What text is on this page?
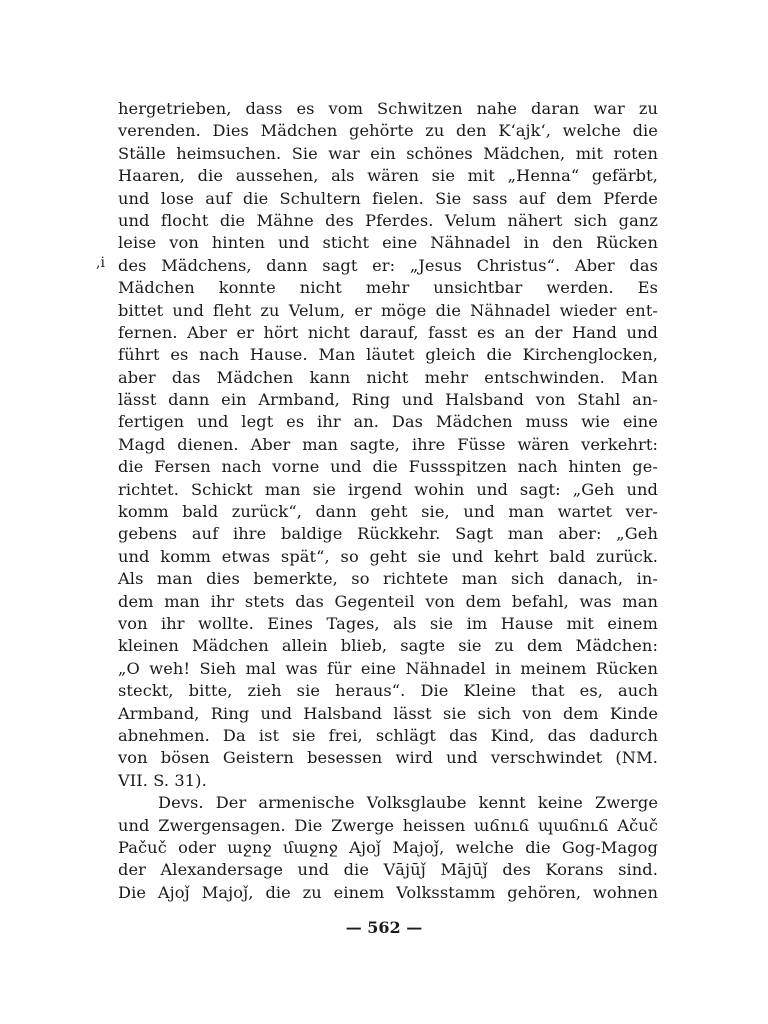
,i
hergetrieben, dass es vom Schwitzen nahe daran war zu
verenden. Dies Mädchen gehörte zu den K‘ajk‘, welche die
Ställe heimsuchen. Sie war ein schönes Mädchen, mit roten
Haaren, die aussehen, als wären sie mit „Henna“ gefärbt,
und lose auf die Schultern fielen. Sie sass auf dem Pferde
und flocht die Mähne des Pferdes. Velum nähert sich ganz
leise von hinten und sticht eine Nähnadel in den Rücken
des Mädchens, dann sagt er: „Jesus Christus“. Aber das
Mädchen konnte nicht mehr unsichtbar werden. Es
bittet und fleht zu Velum, er möge die Nähnadel wieder ent-
fernen. Aber er hört nicht darauf, fasst es an der Hand und
führt es nach Hause. Man läutet gleich die Kirchenglocken,
aber das Mädchen kann nicht mehr entschwinden. Man
lässt dann ein Armband, Ring und Halsband von Stahl an-
fertigen und legt es ihr an. Das Mädchen muss wie eine
Magd dienen. Aber man sagte, ihre Füsse wären verkehrt:
die Fersen nach vorne und die Fussspitzen nach hinten ge-
richtet. Schickt man sie irgend wohin und sagt: „Geh und
komm bald zurück“, dann geht sie, und man wartet ver-
gebens auf ihre baldige Rückkehr. Sagt man aber: „Geh
und komm etwas spät“, so geht sie und kehrt bald zurück.
Als man dies bemerkte, so richtete man sich danach, in-
dem man ihr stets das Gegenteil von dem befahl, was man
von ihr wollte. Eines Tages, als sie im Hause mit einem
kleinen Mädchen allein blieb, sagte sie zu dem Mädchen:
„O weh! Sieh mal was für eine Nähnadel in meinem Rücken
steckt, bitte, zieh sie heraus“. Die Kleine that es, auch
Armband, Ring und Halsband lässt sie sich von dem Kinde
abnehmen. Da ist sie frei, schlägt das Kind, das dadurch
von bösen Geistern besessen wird und verschwindet (NM.
VII. S. 31).
Devs. Der armenische Volksglaube kennt keine Zwerge
und Zwergensagen. Die Zwerge heissen աճուճ պաճուճ Ačuč
Pačuč oder աջոջ մաջոջ Ajoǰ Majoǰ, welche die Gog-Magog
der Alexandersage und die Vājūǰ Mājūǰ des Korans sind.
Die Ajoǰ Majoǰ, die zu einem Volksstamm gehören, wohnen
— 562 —
